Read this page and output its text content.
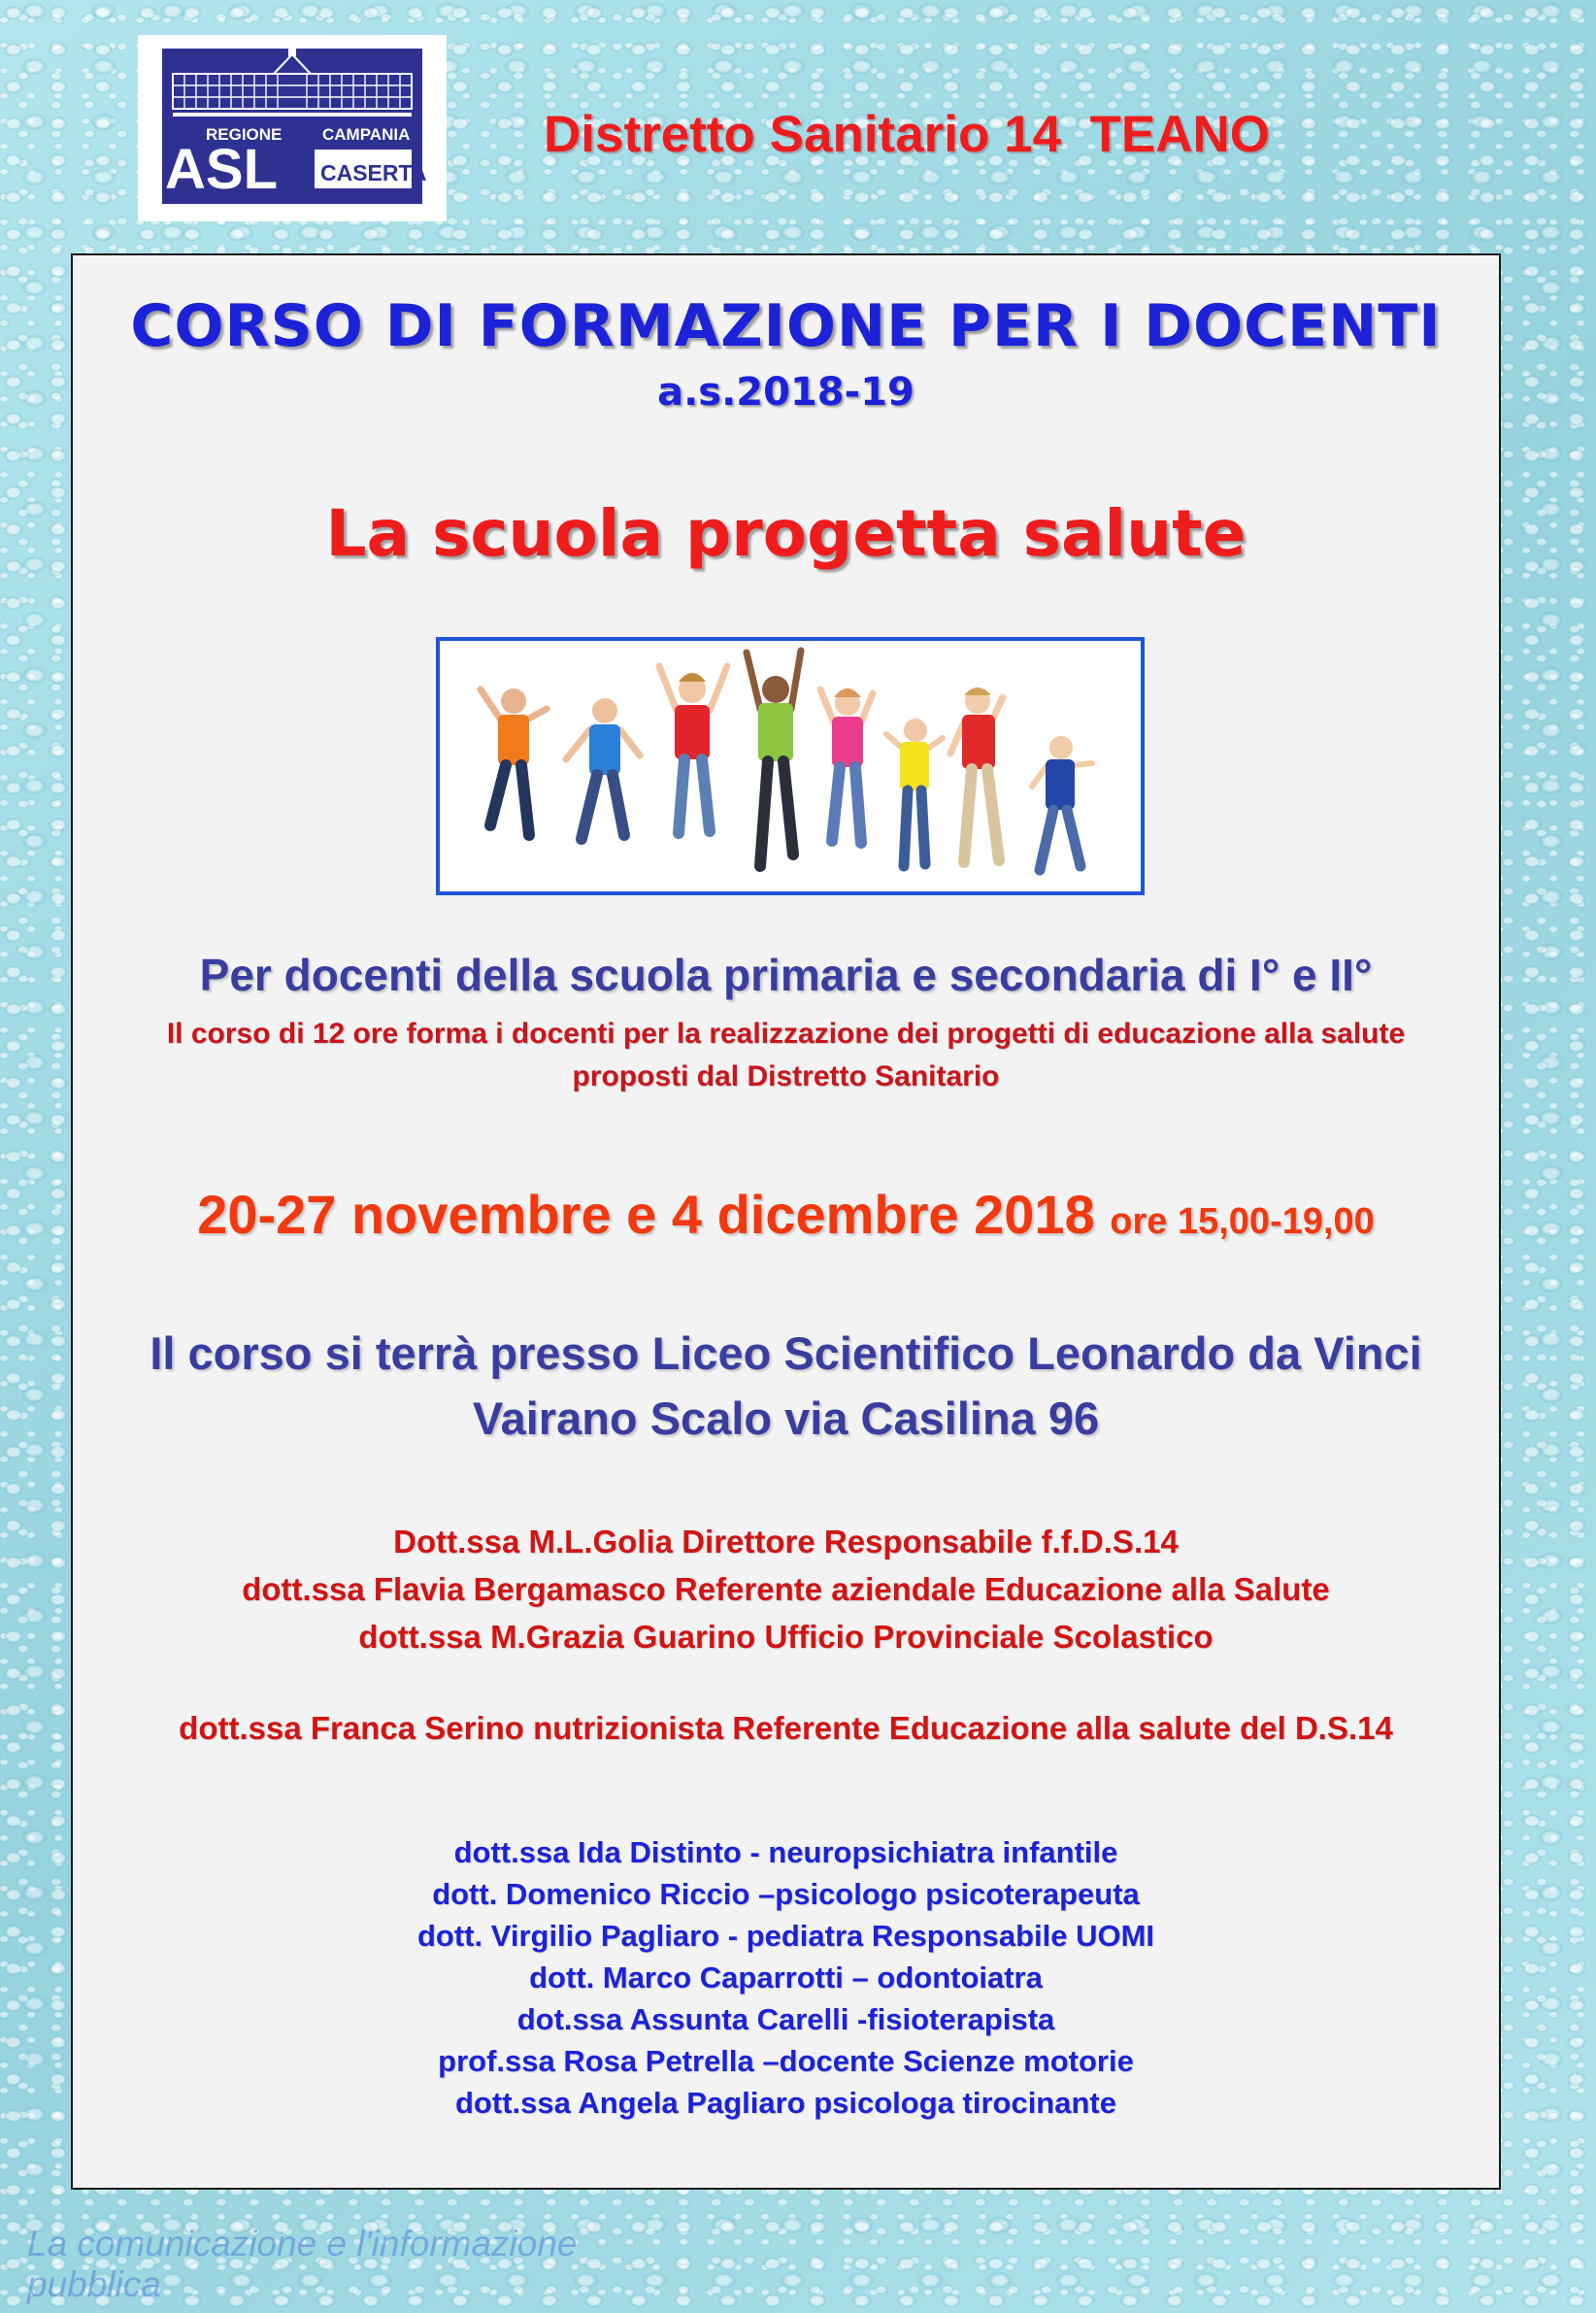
REGIONE CAMPANIA
ASL CASERTA
Distretto Sanitario 14  TEANO
CORSO DI FORMAZIONE PER I DOCENTI
a.s.2018-19
La scuola progetta salute
Per docenti della scuola primaria e secondaria di I° e II°
Il corso di 12 ore forma i docenti per la realizzazione dei progetti di educazione alla salute
proposti dal Distretto Sanitario
20-27 novembre e 4 dicembre 2018 ore 15,00-19,00
Il corso si terrà presso Liceo Scientifico Leonardo da Vinci
Vairano Scalo via Casilina 96
Dott.ssa M.L.Golia Direttore Responsabile f.f.D.S.14
dott.ssa Flavia Bergamasco Referente aziendale Educazione alla Salute
dott.ssa M.Grazia Guarino Ufficio Provinciale Scolastico
dott.ssa Franca Serino nutrizionista Referente Educazione alla salute del D.S.14
dott.ssa Ida Distinto - neuropsichiatra infantile
dott. Domenico Riccio –psicologo psicoterapeuta
dott. Virgilio Pagliaro - pediatra Responsabile UOMI
dott. Marco Caparrotti – odontoiatra
dot.ssa Assunta Carelli -fisioterapista
prof.ssa Rosa Petrella –docente Scienze motorie
dott.ssa Angela Pagliaro psicologa tirocinante
La comunicazione e l'informazione
pubblica
